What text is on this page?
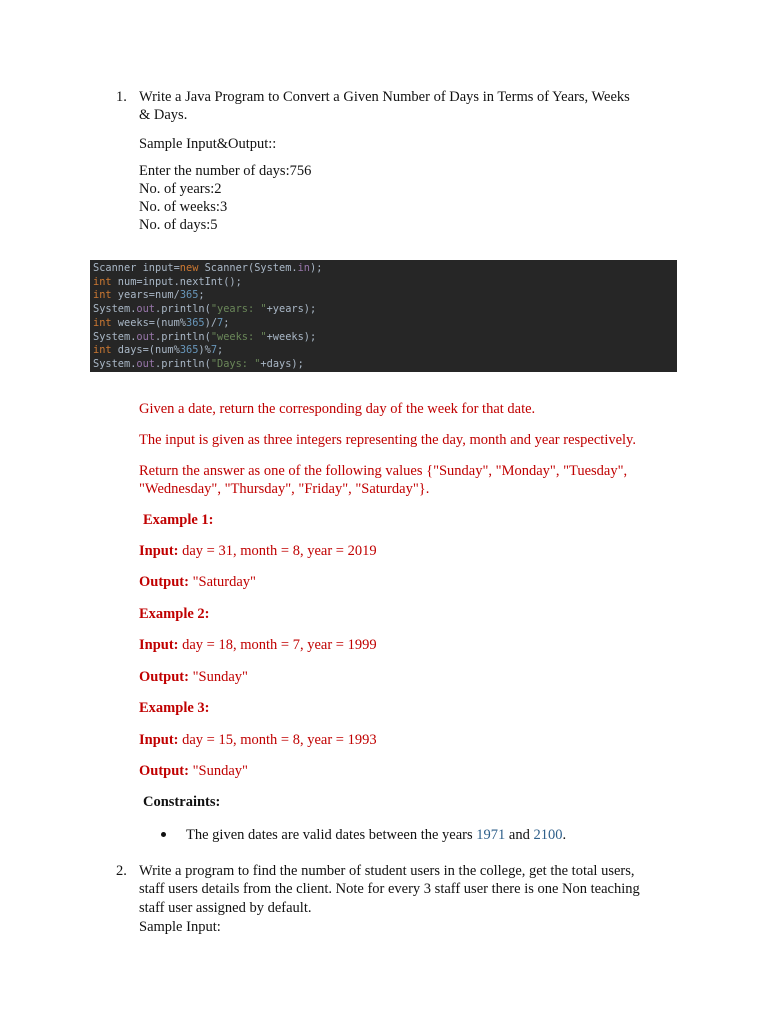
1. Write a Java Program to Convert a Given Number of Days in Terms of Years, Weeks
& Days.
Sample Input&Output::
Enter the number of days:756
No. of years:2
No. of weeks:3
No. of days:5
Scanner input=new Scanner(System.in);
int num=input.nextInt();
int years=num/365;
System.out.println("years: "+years);
int weeks=(num%365)/7;
System.out.println("weeks: "+weeks);
int days=(num%365)%7;
System.out.println("Days: "+days);
Given a date, return the corresponding day of the week for that date.
The input is given as three integers representing the day, month and year respectively.
Return the answer as one of the following values {"Sunday", "Monday", "Tuesday",
"Wednesday", "Thursday", "Friday", "Saturday"}.
Example 1:
Input: day = 31, month = 8, year = 2019
Output: "Saturday"
Example 2:
Input: day = 18, month = 7, year = 1999
Output: "Sunday"
Example 3:
Input: day = 15, month = 8, year = 1993
Output: "Sunday"
Constraints:
The given dates are valid dates between the years 1971 and 2100.
2. Write a program to find the number of student users in the college, get the total users,
staff users details from the client. Note for every 3 staff user there is one Non teaching
staff user assigned by default.
Sample Input:
